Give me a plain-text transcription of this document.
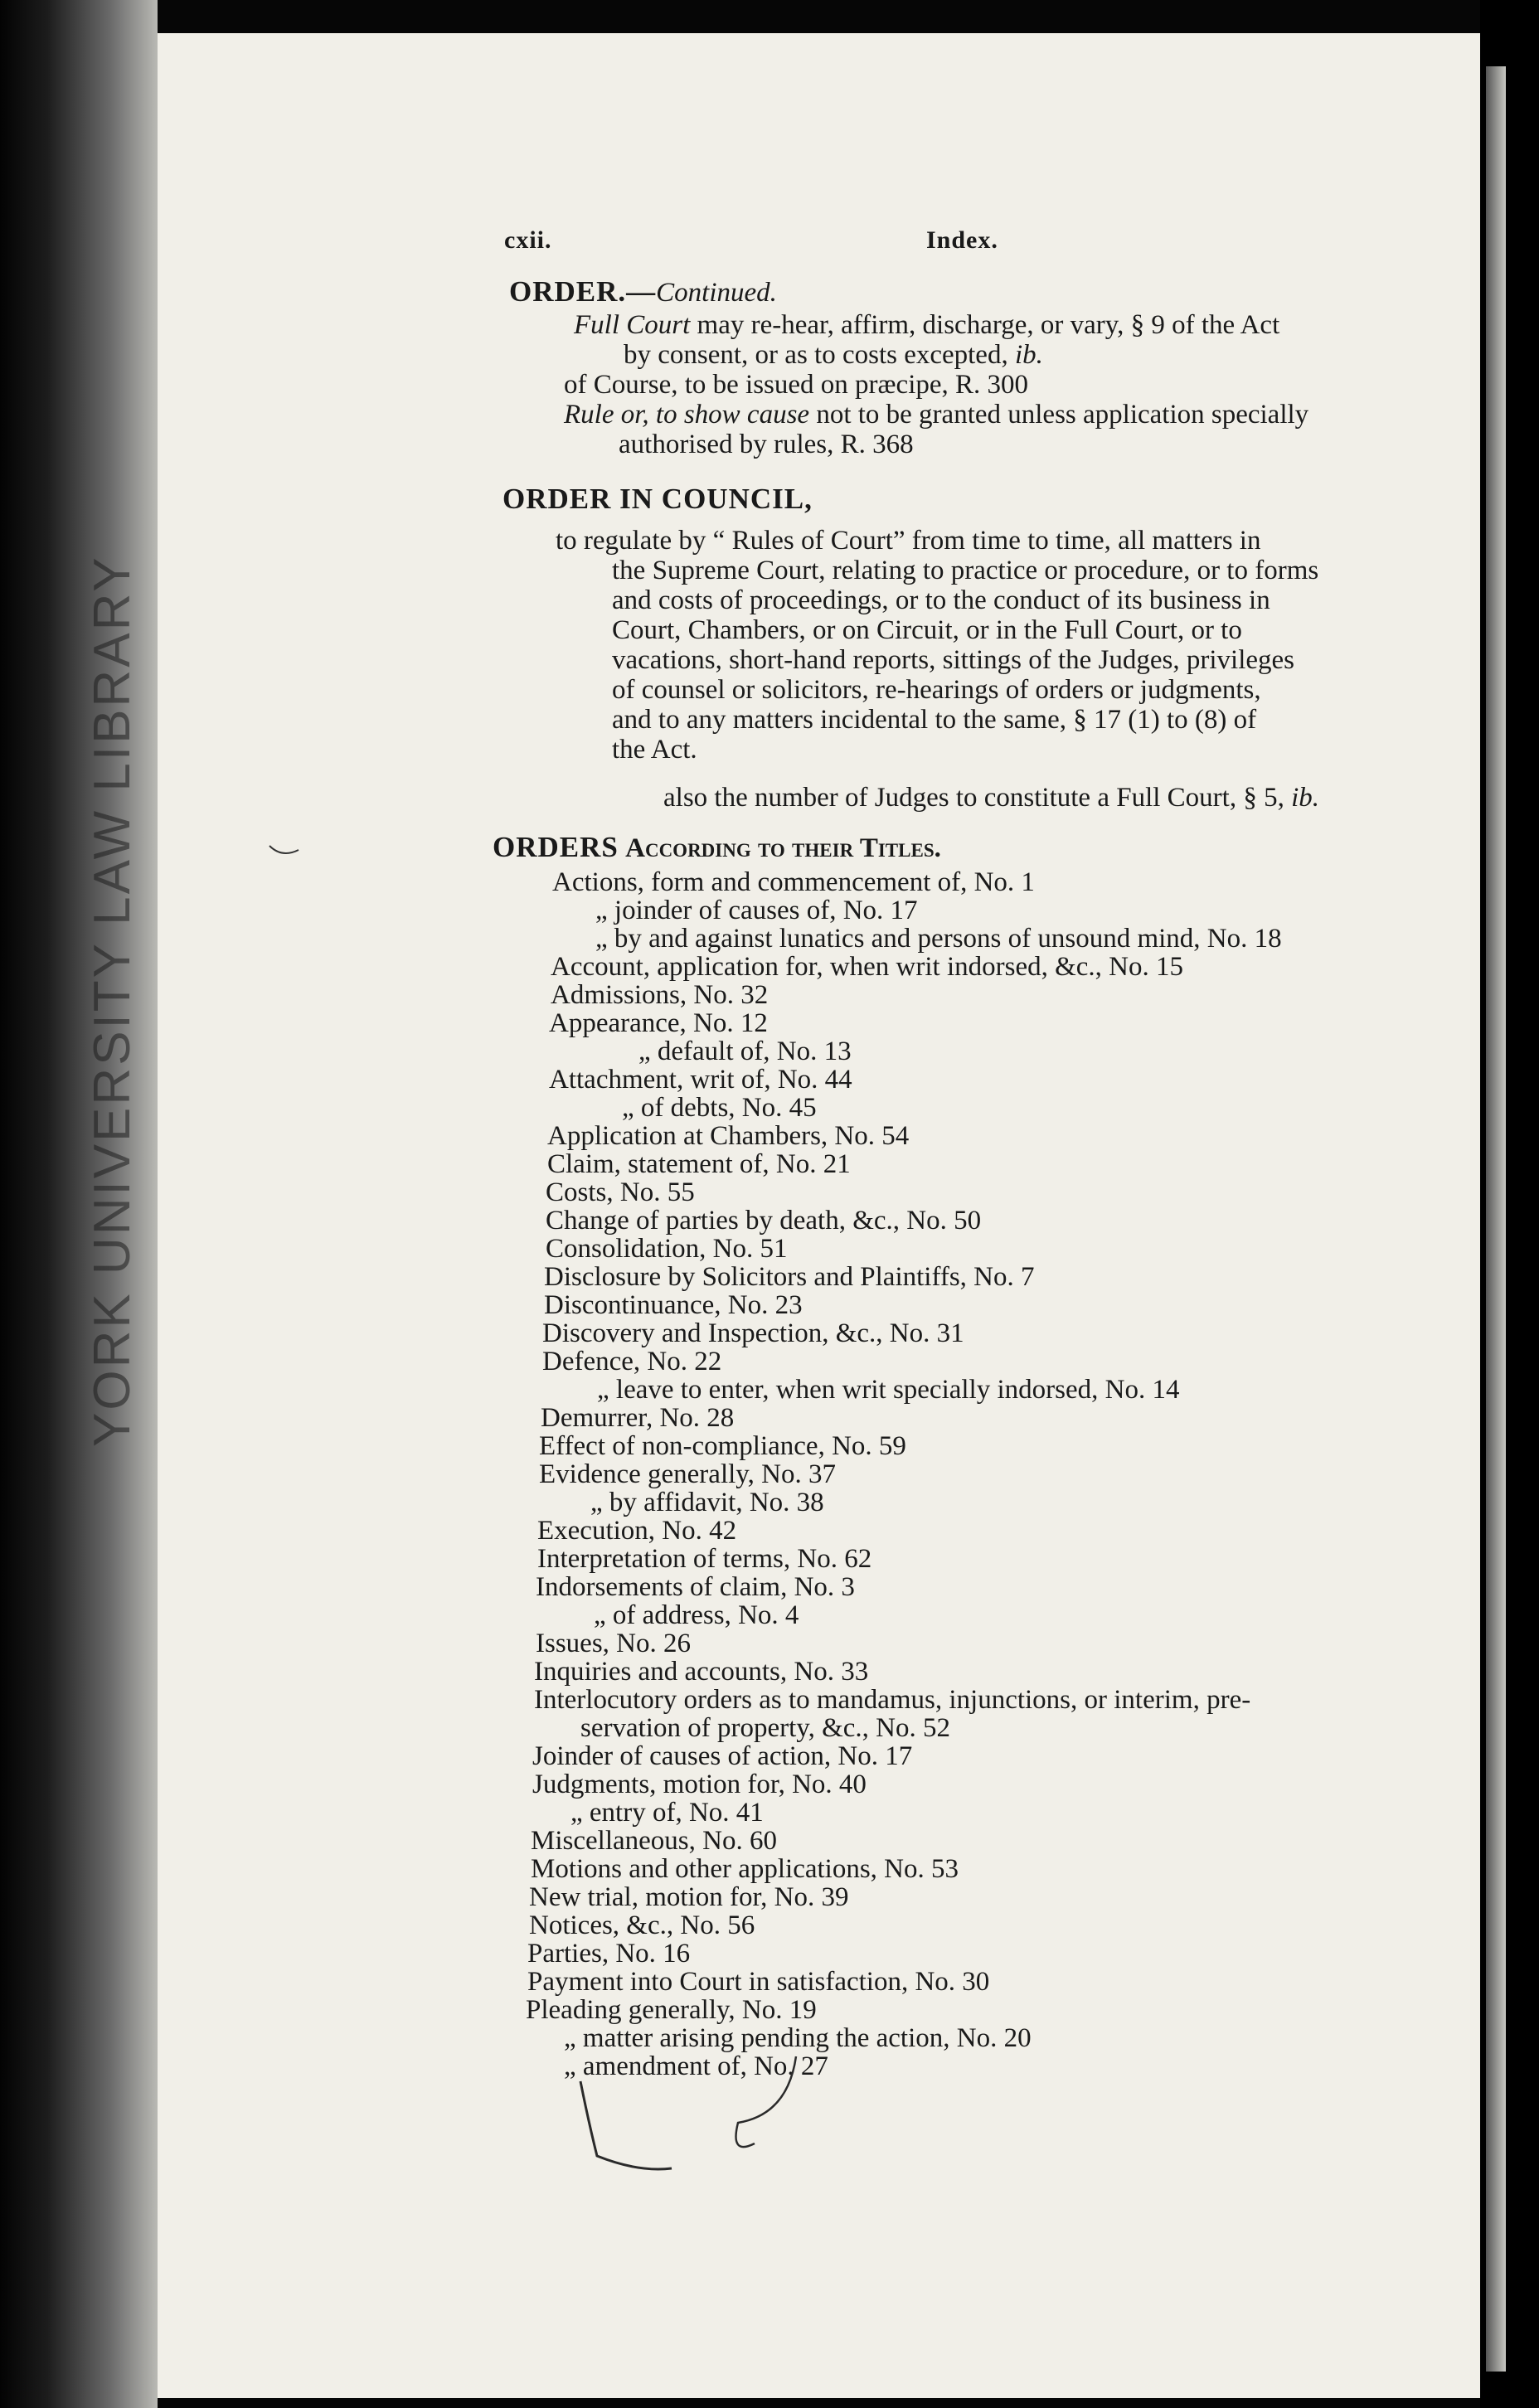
YORK UNIVERSITY LAW LIBRARY
cxii.	Index.
ORDER.—Continued.
Full Court may re-hear, affirm, discharge, or vary, § 9 of the Act
by consent, or as to costs excepted, ib.
of Course, to be issued on præcipe, R. 300
Rule or, to show cause not to be granted unless application specially
authorised by rules, R. 368
ORDER IN COUNCIL,
to regulate by “ Rules of Court” from time to time, all matters in
the Supreme Court, relating to practice or procedure, or to forms
and costs of proceedings, or to the conduct of its business in
Court, Chambers, or on Circuit, or in the Full Court, or to
vacations, short-hand reports, sittings of the Judges, privileges
of counsel or solicitors, re-hearings of orders or judgments,
and to any matters incidental to the same, § 17 (1) to (8) of
the Act.
also the number of Judges to constitute a Full Court, § 5, ib.
ORDERS According to their Titles.
Actions, form and commencement of, No. 1
„ joinder of causes of, No. 17
„ by and against lunatics and persons of unsound mind, No. 18
Account, application for, when writ indorsed, &c., No. 15
Admissions, No. 32
Appearance, No. 12
„ default of, No. 13
Attachment, writ of, No. 44
„ of debts, No. 45
Application at Chambers, No. 54
Claim, statement of, No. 21
Costs, No. 55
Change of parties by death, &c., No. 50
Consolidation, No. 51
Disclosure by Solicitors and Plaintiffs, No. 7
Discontinuance, No. 23
Discovery and Inspection, &c., No. 31
Defence, No. 22
„ leave to enter, when writ specially indorsed, No. 14
Demurrer, No. 28
Effect of non-compliance, No. 59
Evidence generally, No. 37
„ by affidavit, No. 38
Execution, No. 42
Interpretation of terms, No. 62
Indorsements of claim, No. 3
„ of address, No. 4
Issues, No. 26
Inquiries and accounts, No. 33
Interlocutory orders as to mandamus, injunctions, or interim, pre-
servation of property, &c., No. 52
Joinder of causes of action, No. 17
Judgments, motion for, No. 40
„ entry of, No. 41
Miscellaneous, No. 60
Motions and other applications, No. 53
New trial, motion for, No. 39
Notices, &c., No. 56
Parties, No. 16
Payment into Court in satisfaction, No. 30
Pleading generally, No. 19
„ matter arising pending the action, No. 20
„ amendment of, No. 27
